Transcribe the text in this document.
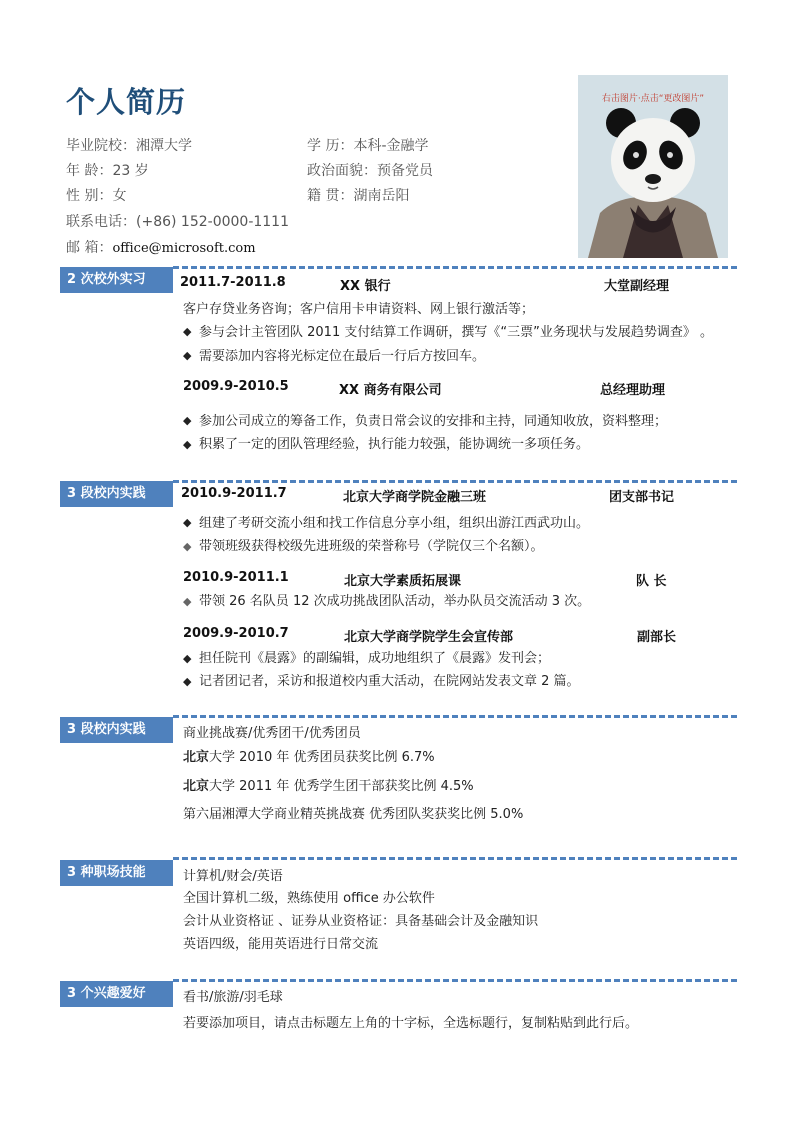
个人简历
毕业院校：湘潭大学	学 历：本科-金融学
年 龄：23 岁	政治面貌：预备党员
性 别：女	籍 贯：湖南岳阳
联系电话：(+86) 152-0000-1111
邮 箱：office@microsoft.com
右击图片·点击“更改图片”
2 次校外实习	2011.7-2011.8	XX 银行	大堂副经理
客户存贷业务咨询；客户信用卡申请资料、网上银行激活等；
◆ 参与会计主管团队 2011 支付结算工作调研，撰写《“三票”业务现状与发展趋势调查》 。
◆ 需要添加内容将光标定位在最后一行后方按回车。
2009.9-2010.5	XX 商务有限公司	总经理助理
◆ 参加公司成立的筹备工作，负责日常会议的安排和主持，同通知收放，资料整理；
◆ 积累了一定的团队管理经验，执行能力较强，能协调统一多项任务。
3 段校内实践	2010.9-2011.7	北京大学商学院金融三班	团支部书记
◆ 组建了考研交流小组和找工作信息分享小组，组织出游江西武功山。
◆ 带领班级获得校级先进班级的荣誉称号（学院仅三个名额）。
2010.9-2011.1	北京大学素质拓展课	队 长
◆ 带领 26 名队员 12 次成功挑战团队活动，举办队员交流活动 3 次。
2009.9-2010.7	北京大学商学院学生会宣传部	副部长
◆ 担任院刊《晨露》的副编辑，成功地组织了《晨露》发刊会；
◆ 记者团记者，采访和报道校内重大活动，在院网站发表文章 2 篇。
3 段校内实践	商业挑战赛/优秀团干/优秀团员
北京大学 2010 年 优秀团员获奖比例 6.7%
北京大学 2011 年 优秀学生团干部获奖比例 4.5%
第六届湘潭大学商业精英挑战赛 优秀团队奖获奖比例 5.0%
3 种职场技能	计算机/财会/英语
全国计算机二级，熟练使用 office 办公软件
会计从业资格证 、证券从业资格证：具备基础会计及金融知识
英语四级，能用英语进行日常交流
3 个兴趣爱好	看书/旅游/羽毛球
若要添加项目，请点击标题左上角的十字标，全选标题行，复制粘贴到此行后。
